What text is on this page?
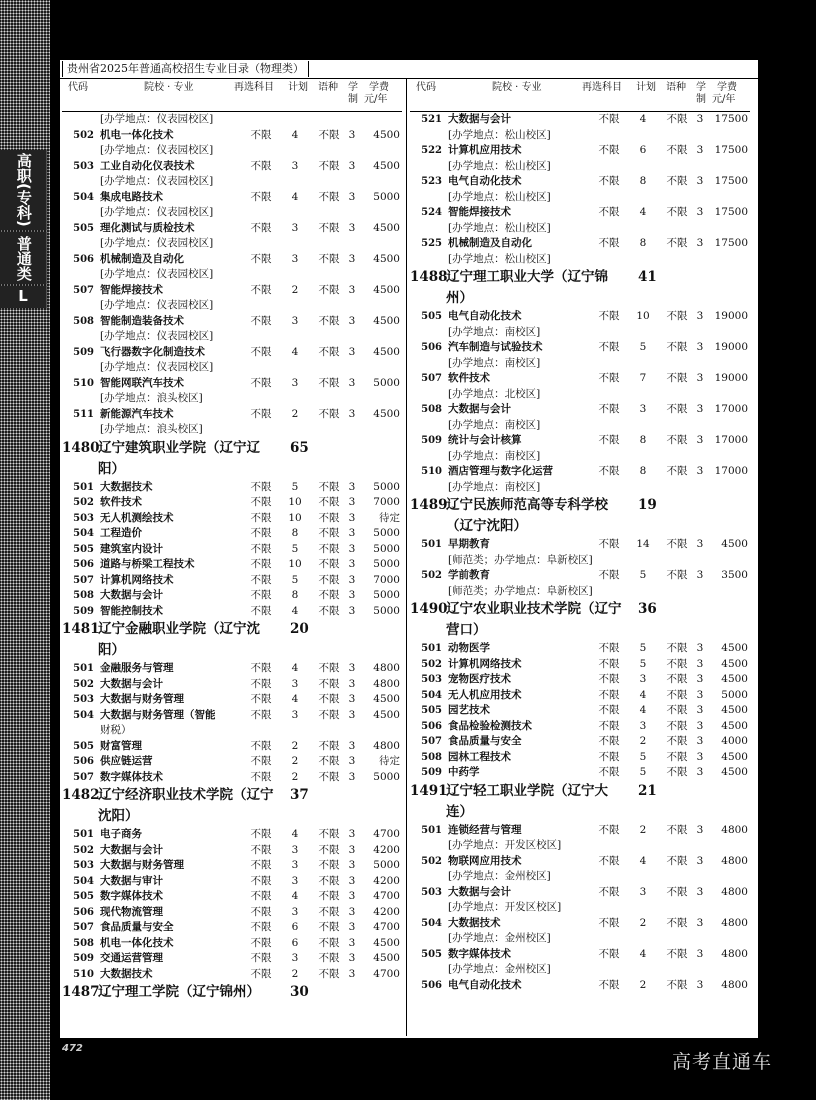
高职(专科)
普通类
L
贵州省2025年普通高校招生专业目录（物理类）
代码	院校 · 专业	再选科目 计划 语种 学
制
学费
元/年
[办学地点：仪表园校区]
502 机电一体化技术	不限	4	不限 3	4500
[办学地点：仪表园校区]
503 工业自动化仪表技术	不限	3	不限 3	4500
[办学地点：仪表园校区]
504 集成电路技术	不限	4	不限 3	5000
[办学地点：仪表园校区]
505 理化测试与质检技术	不限	3	不限 3	4500
[办学地点：仪表园校区]
506 机械制造及自动化	不限	3	不限 3	4500
[办学地点：仪表园校区]
507 智能焊接技术	不限	2	不限 3	4500
[办学地点：仪表园校区]
508 智能制造装备技术	不限	3	不限 3	4500
[办学地点：仪表园校区]
509 飞行器数字化制造技术	不限	4	不限 3	4500
[办学地点：仪表园校区]
510 智能网联汽车技术	不限	3	不限 3	5000
[办学地点：浪头校区]
511 新能源汽车技术	不限	2	不限 3	4500
[办学地点：浪头校区]
1480
辽宁建筑职业学院（辽宁辽 65
阳）
501 大数据技术	不限	5	不限 3	5000
502 软件技术	不限	10	不限 3	7000
503 无人机测绘技术	不限	10	不限 3	待定
504 工程造价	不限	8	不限 3	5000
505 建筑室内设计	不限	5	不限 3	5000
506 道路与桥梁工程技术	不限	10	不限 3	5000
507 计算机网络技术	不限	5	不限 3	7000
508 大数据与会计	不限	8	不限 3	5000
509 智能控制技术	不限	4	不限 3	5000
1481
辽宁金融职业学院（辽宁沈 20
阳）
501 金融服务与管理	不限	4	不限 3	4800
502 大数据与会计	不限	3	不限 3	4800
503 大数据与财务管理	不限	4	不限 3	4500
504 大数据与财务管理（智能	不限	3	不限 3	4500
财税）
505 财富管理	不限	2	不限 3	4800
506 供应链运营	不限	2	不限 3	待定
507 数字媒体技术	不限	2	不限 3	5000
1482
辽宁经济职业技术学院（辽宁 37
沈阳）
501 电子商务	不限	4	不限 3	4700
502 大数据与会计	不限	3	不限 3	4200
503 大数据与财务管理	不限	3	不限 3	5000
504 大数据与审计	不限	3	不限 3	4200
505 数字媒体技术	不限	4	不限 3	4700
506 现代物流管理	不限	3	不限 3	4200
507 食品质量与安全	不限	6	不限 3	4700
508 机电一体化技术	不限	6	不限 3	4500
509 交通运营管理	不限	3	不限 3	4500
510 大数据技术	不限	2	不限 3	4700
1487
辽宁理工学院（辽宁锦州） 30
代码	院校 · 专业	再选科目 计划 语种 学
制
学费
元/年
521 大数据与会计	不限	4	不限 3	17500
[办学地点：松山校区]
522 计算机应用技术	不限	6	不限 3	17500
[办学地点：松山校区]
523 电气自动化技术	不限	8	不限 3	17500
[办学地点：松山校区]
524 智能焊接技术	不限	4	不限 3	17500
[办学地点：松山校区]
525 机械制造及自动化	不限	8	不限 3	17500
[办学地点：松山校区]
1488
辽宁理工职业大学（辽宁锦 41
州）
505 电气自动化技术	不限	10	不限 3	19000
[办学地点：南校区]
506 汽车制造与试验技术	不限	5	不限 3	19000
[办学地点：南校区]
507 软件技术	不限	7	不限 3	19000
[办学地点：北校区]
508 大数据与会计	不限	3	不限 3	17000
[办学地点：南校区]
509 统计与会计核算	不限	8	不限 3	17000
[办学地点：南校区]
510 酒店管理与数字化运营	不限	8	不限 3	17000
[办学地点：南校区]
1489
辽宁民族师范高等专科学校 19
（辽宁沈阳）
501 早期教育	不限	14	不限 3	4500
[师范类；办学地点：阜新校区]
502 学前教育	不限	5	不限 3	3500
[师范类；办学地点：阜新校区]
1490
辽宁农业职业技术学院（辽宁 36
营口）
501 动物医学	不限	5	不限 3	4500
502 计算机网络技术	不限	5	不限 3	4500
503 宠物医疗技术	不限	3	不限 3	4500
504 无人机应用技术	不限	4	不限 3	5000
505 园艺技术	不限	4	不限 3	4500
506 食品检验检测技术	不限	3	不限 3	4500
507 食品质量与安全	不限	2	不限 3	4000
508 园林工程技术	不限	5	不限 3	4500
509 中药学	不限	5	不限 3	4500
1491
辽宁轻工职业学院（辽宁大 21
连）
501 连锁经营与管理	不限	2	不限 3	4800
[办学地点：开发区校区]
502 物联网应用技术	不限	4	不限 3	4800
[办学地点：金州校区]
503 大数据与会计	不限	3	不限 3	4800
[办学地点：开发区校区]
504 大数据技术	不限	2	不限 3	4800
[办学地点：金州校区]
505 数字媒体技术	不限	4	不限 3	4800
[办学地点：金州校区]
506 电气自动化技术	不限	2	不限 3	4800
472
高考直通车
